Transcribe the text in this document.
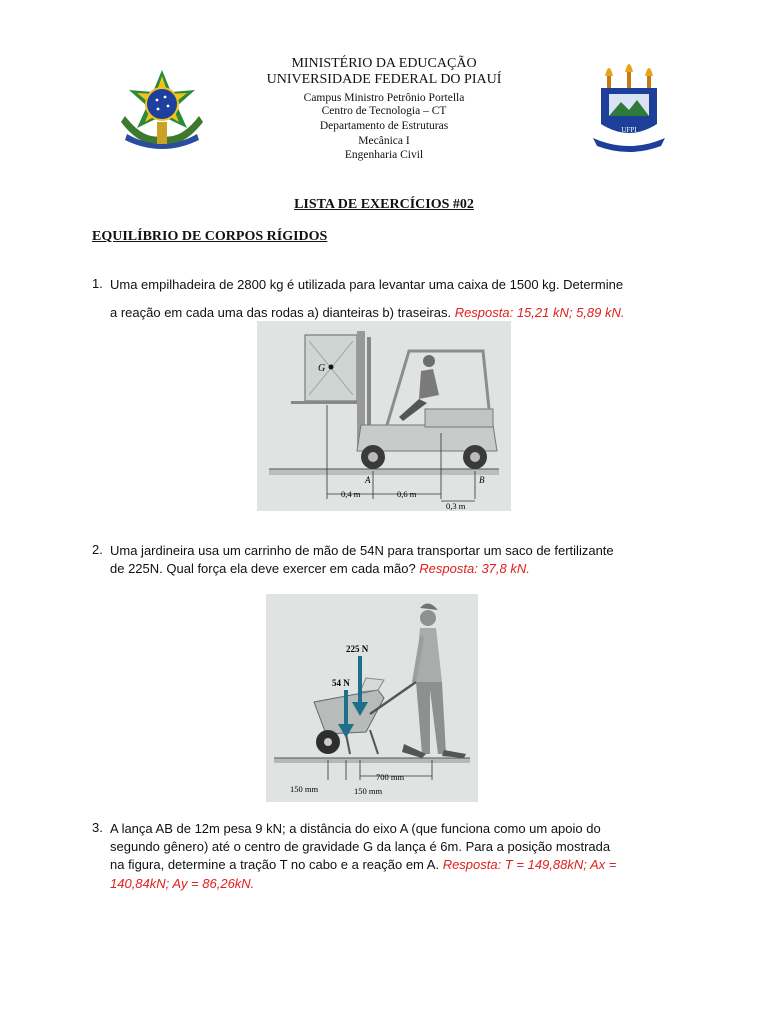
MINISTÉRIO DA EDUCAÇÃO
UNIVERSIDADE FEDERAL DO PIAUÍ
Campus Ministro Petrônio Portella
Centro de Tecnologia – CT
Departamento de Estruturas
Mecânica I
Engenharia Civil
UFPI
LISTA DE EXERCÍCIOS #02
EQUILÍBRIO DE CORPOS RÍGIDOS
1. Uma empilhadeira de 2800 kg é utilizada para levantar uma caixa de 1500 kg. Determine
a reação em cada uma das rodas a) dianteiras b) traseiras. Resposta: 15,21 kN; 5,89 kN.
G
A	B
0,4 m	0,6 m
0,3 m
2. Uma jardineira usa um carrinho de mão de 54N para transportar um saco de fertilizante
de 225N. Qual força ela deve exercer em cada mão? Resposta: 37,8 kN.
225 N
54 N
700 mm
150 mm	150 mm
3. A lança AB de 12m pesa 9 kN; a distância do eixo A (que funciona como um apoio do
segundo gênero) até o centro de gravidade G da lança é 6m. Para a posição mostrada
na figura, determine a tração T no cabo e a reação em A. Resposta: T = 149,88kN; Ax =
140,84kN; Ay = 86,26kN.
